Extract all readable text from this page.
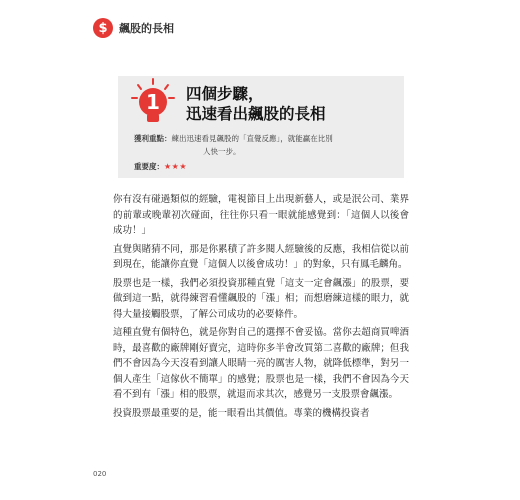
$	飆股的長相
1 四個步驟，
迅速看出飆股的長相
獲利重點：練出迅速看見飆股的「直覺反應」，就能贏在比別
人快一步。
重要度： ★★★

你有沒有碰過類似的經驗，電視節目上出現新藝人，或是泯公司、業界的前輩或晚輩初次碰面，往往你只看一眼就能感覺到：「這個人以後會成功！」

直覺與賭猜不同，那是你累積了許多閱人經驗後的反應，我相信從以前到現在，能讓你直覺「這個人以後會成功！」的對象，只有鳳毛麟角。

股票也是一樣，我們必須投資那種直覺「這支一定會飆漲」的股票，要做到這一點，就得練習看懂飆股的「漲」相；而想磨練這樣的眼力，就得大量接觸股票，了解公司成功的必要條件。

這種直覺有個特色，就是你對自己的選擇不會妥協。當你去超商買啤酒時，最喜歡的廠牌剛好賣完，這時你多半會改買第二喜歡的廠牌；但我們不會因為今天沒看到讓人眼睛一亮的厲害人物，就降低標準，對另一個人產生「這傢伙不簡單」的感覺；股票也是一樣，我們不會因為今天看不到有「漲」相的股票，就退而求其次，感覺另一支股票會飆漲。

投資股票最重要的是，能一眼看出其價值。專業的機構投資者

020
